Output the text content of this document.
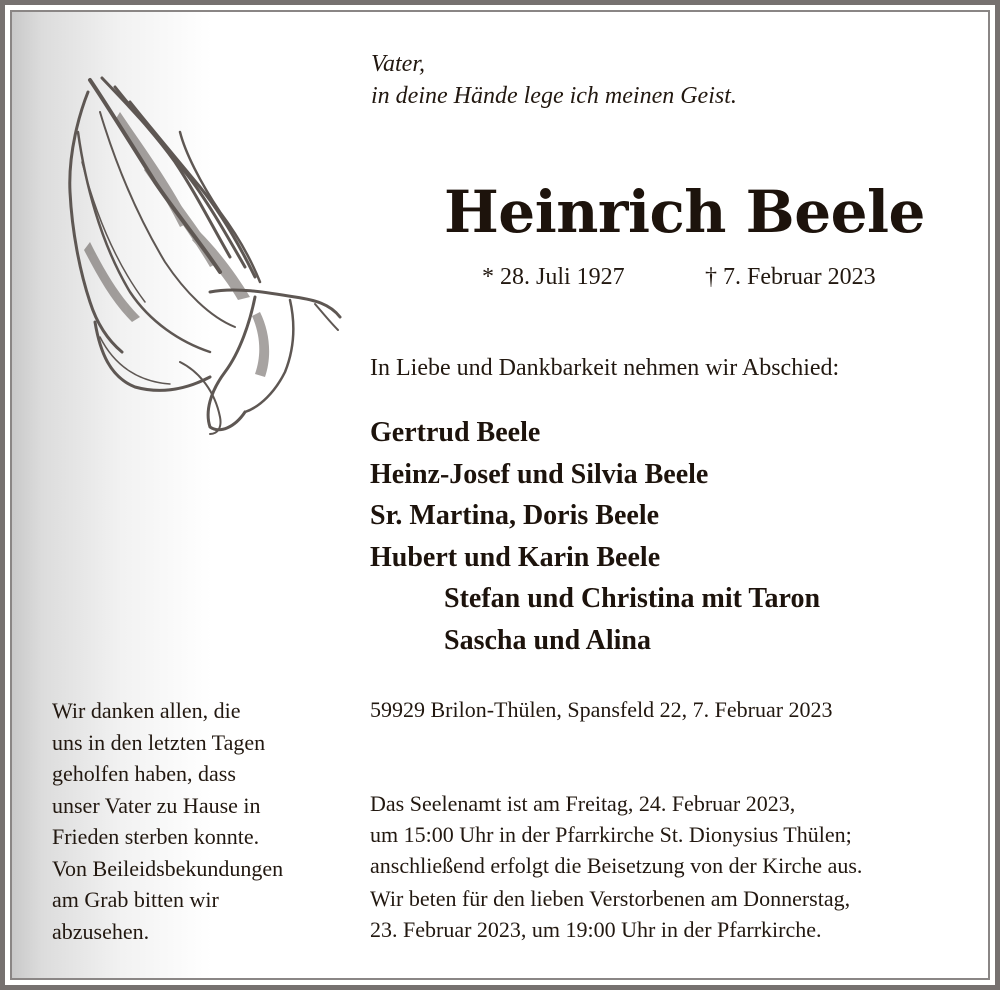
Vater,
in deine Hände lege ich meinen Geist.
Heinrich Beele
* 28. Juli 1927	† 7. Februar 2023
In Liebe und Dankbarkeit nehmen wir Abschied:
Gertrud Beele
Heinz-Josef und Silvia Beele
Sr. Martina, Doris Beele
Hubert und Karin Beele
Stefan und Christina mit Taron
Sascha und Alina
Wir danken allen, die
uns in den letzten Tagen
geholfen haben, dass
unser Vater zu Hause in
Frieden sterben konnte.
Von Beileidsbekundungen
am Grab bitten wir
abzusehen.
59929 Brilon-Thülen, Spansfeld 22, 7. Februar 2023
Das Seelenamt ist am Freitag, 24. Februar 2023,
um 15:00 Uhr in der Pfarrkirche St. Dionysius Thülen;
anschließend erfolgt die Beisetzung von der Kirche aus.
Wir beten für den lieben Verstorbenen am Donnerstag,
23. Februar 2023, um 19:00 Uhr in der Pfarrkirche.
